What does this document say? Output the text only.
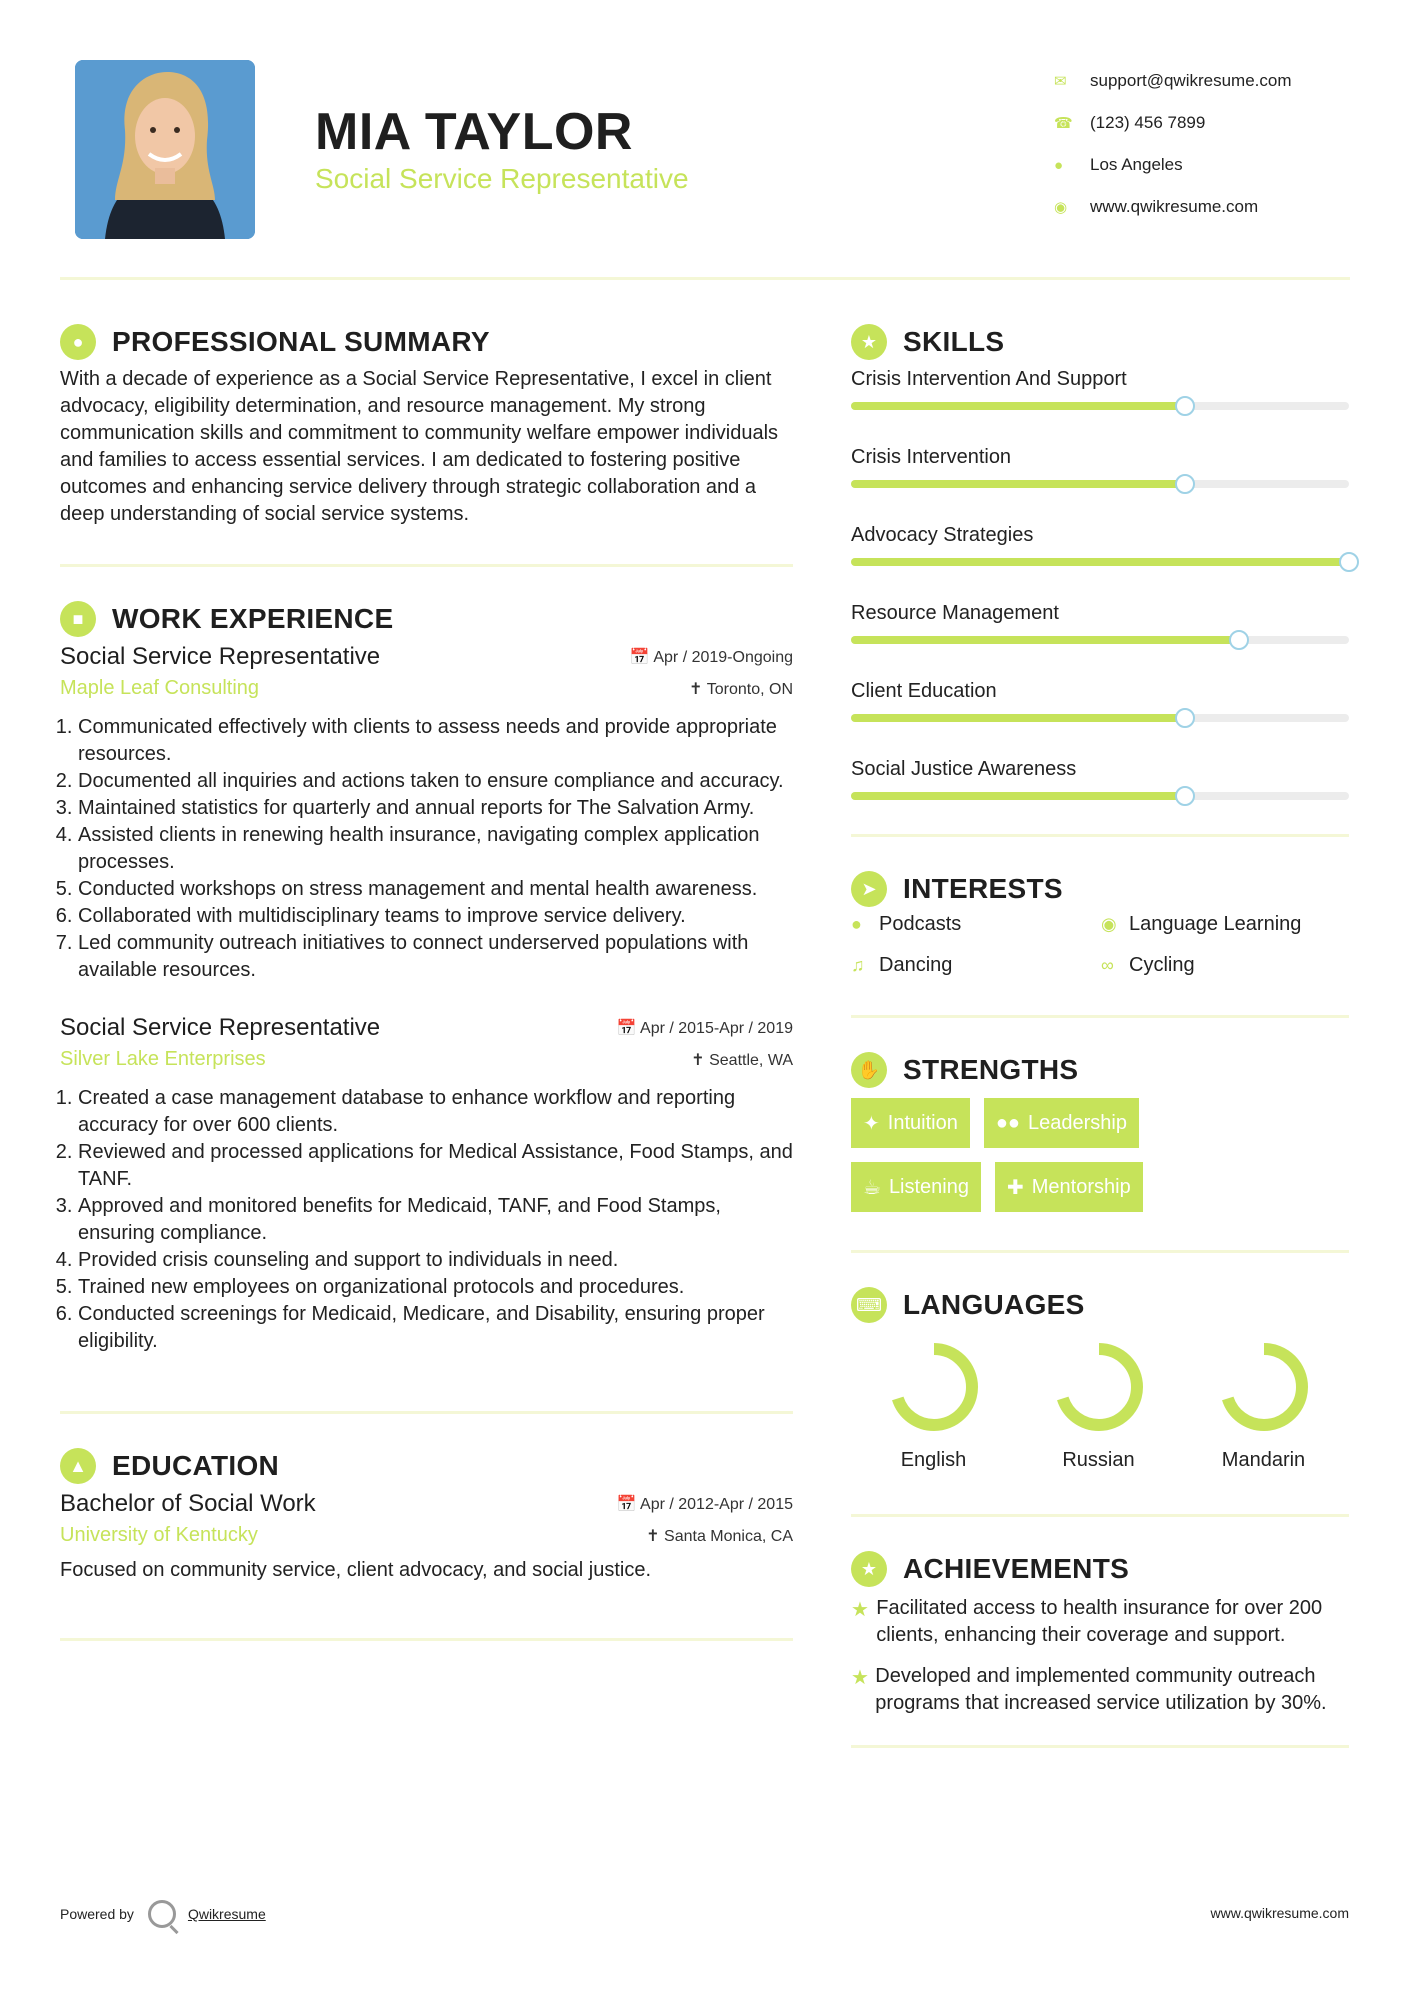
MIA TAYLOR
Social Service Representative
✉	support@qwikresume.com
☎	(123) 456 7899
●	Los Angeles
◉	www.qwikresume.com
●	PROFESSIONAL SUMMARY

With a decade of experience as a Social Service Representative, I excel in client advocacy, eligibility determination, and resource management. My strong communication skills and commitment to community welfare empower individuals and families to access essential services. I am dedicated to fostering positive outcomes and enhancing service delivery through strategic collaboration and a deep understanding of social service systems.

■	WORK EXPERIENCE
Social Service Representative	📅 Apr / 2019-Ongoing
Maple Leaf Consulting	✝ Toronto, ON
1. Communicated effectively with clients to assess needs and provide appropriate resources.
2. Documented all inquiries and actions taken to ensure compliance and accuracy.
3. Maintained statistics for quarterly and annual reports for The Salvation Army.
4. Assisted clients in renewing health insurance, navigating complex application processes.
5. Conducted workshops on stress management and mental health awareness.
6. Collaborated with multidisciplinary teams to improve service delivery.
7. Led community outreach initiatives to connect underserved populations with available resources.
Social Service Representative	📅 Apr / 2015-Apr / 2019
Silver Lake Enterprises	✝ Seattle, WA
1. Created a case management database to enhance workflow and reporting accuracy for over 600 clients.
2. Reviewed and processed applications for Medical Assistance, Food Stamps, and TANF.
3. Approved and monitored benefits for Medicaid, TANF, and Food Stamps, ensuring compliance.
4. Provided crisis counseling and support to individuals in need.
5. Trained new employees on organizational protocols and procedures.
6. Conducted screenings for Medicaid, Medicare, and Disability, ensuring proper eligibility.
▲ EDUCATION
Bachelor of Social Work	📅 Apr / 2012-Apr / 2015
University of Kentucky	✝ Santa Monica, CA

Focused on community service, client advocacy, and social justice.

★ SKILLS
Crisis Intervention And Support
Crisis Intervention
Advocacy Strategies
Resource Management
Client Education
Social Justice Awareness
➤ INTERESTS
● Podcasts	◉ Language Learning
♫ Dancing	∞ Cycling
✋ STRENGTHS
✦ Intuition ●● Leadership
☕ Listening ✚ Mentorship
⌨ LANGUAGES
English	Russian	Mandarin
★ ACHIEVEMENTS
★ Facilitated access to health insurance for over 200 clients, enhancing their coverage and support.
★ Developed and implemented community outreach programs that increased service utilization by 30%.
Powered by	Qwikresume	www.qwikresume.com
